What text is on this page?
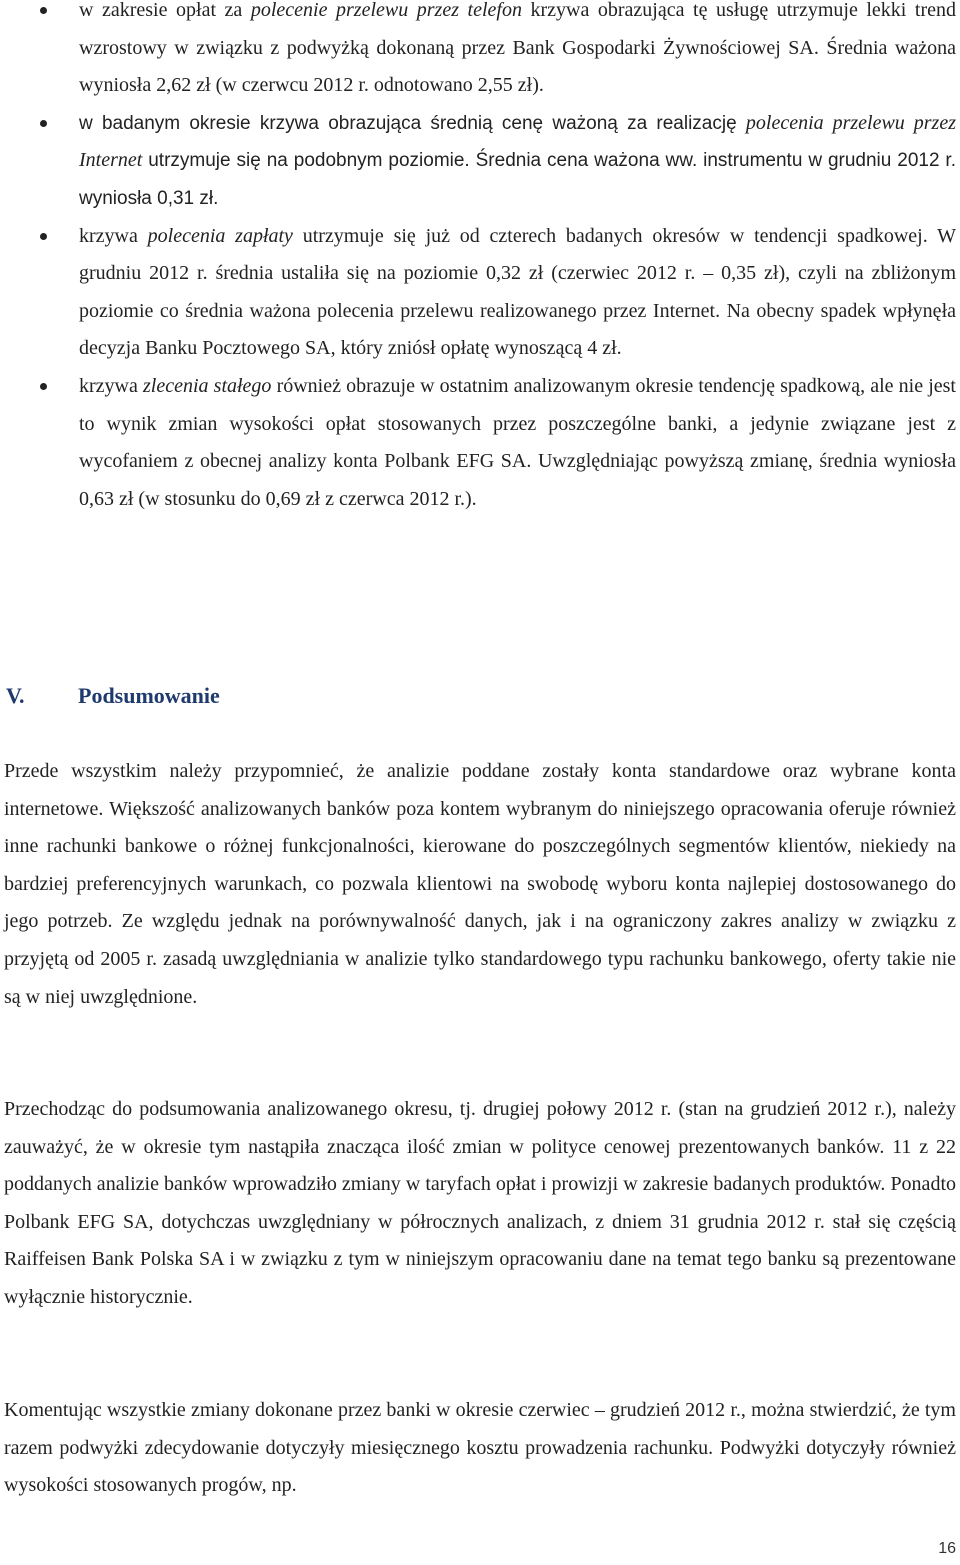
w zakresie opłat za polecenie przelewu przez telefon krzywa obrazująca tę usługę utrzymuje lekki trend wzrostowy w związku z podwyżką dokonaną przez Bank Gospodarki Żywnościowej SA. Średnia ważona wyniosła 2,62 zł (w czerwcu 2012 r. odnotowano 2,55 zł).
w badanym okresie krzywa obrazująca średnią cenę ważoną za realizację polecenia przelewu przez Internet utrzymuje się na podobnym poziomie. Średnia cena ważona ww. instrumentu w grudniu 2012 r. wyniosła 0,31 zł.
krzywa polecenia zapłaty utrzymuje się już od czterech badanych okresów w tendencji spadkowej. W grudniu 2012 r. średnia ustaliła się na poziomie 0,32 zł (czerwiec 2012 r. – 0,35 zł), czyli na zbliżonym poziomie co średnia ważona polecenia przelewu realizowanego przez Internet. Na obecny spadek wpłynęła decyzja Banku Pocztowego SA, który zniósł opłatę wynoszącą 4 zł.
krzywa zlecenia stałego również obrazuje w ostatnim analizowanym okresie tendencję spadkową, ale nie jest to wynik zmian wysokości opłat stosowanych przez poszczególne banki, a jedynie związane jest z wycofaniem z obecnej analizy konta Polbank EFG SA. Uwzględniając powyższą zmianę, średnia wyniosła 0,63 zł (w stosunku do 0,69 zł z czerwca 2012 r.).
V. Podsumowanie

Przede wszystkim należy przypomnieć, że analizie poddane zostały konta standardowe oraz wybrane konta internetowe. Większość analizowanych banków poza kontem wybranym do niniejszego opracowania oferuje również inne rachunki bankowe o różnej funkcjonalności, kierowane do poszczególnych segmentów klientów, niekiedy na bardziej preferencyjnych warunkach, co pozwala klientowi na swobodę wyboru konta najlepiej dostosowanego do jego potrzeb. Ze względu jednak na porównywalność danych, jak i na ograniczony zakres analizy w związku z przyjętą od 2005 r. zasadą uwzględniania w analizie tylko standardowego typu rachunku bankowego, oferty takie nie są w niej uwzględnione.

Przechodząc do podsumowania analizowanego okresu, tj. drugiej połowy 2012 r. (stan na grudzień 2012 r.), należy zauważyć, że w okresie tym nastąpiła znacząca ilość zmian w polityce cenowej prezentowanych banków. 11 z 22 poddanych analizie banków wprowadziło zmiany w taryfach opłat i prowizji w zakresie badanych produktów. Ponadto Polbank EFG SA, dotychczas uwzględniany w półrocznych analizach, z dniem 31 grudnia 2012 r. stał się częścią Raiffeisen Bank Polska SA i w związku z tym w niniejszym opracowaniu dane na temat tego banku są prezentowane wyłącznie historycznie.

Komentując wszystkie zmiany dokonane przez banki w okresie czerwiec – grudzień 2012 r., można stwierdzić, że tym razem podwyżki zdecydowanie dotyczyły miesięcznego kosztu prowadzenia rachunku. Podwyżki dotyczyły również wysokości stosowanych progów, np.

16
